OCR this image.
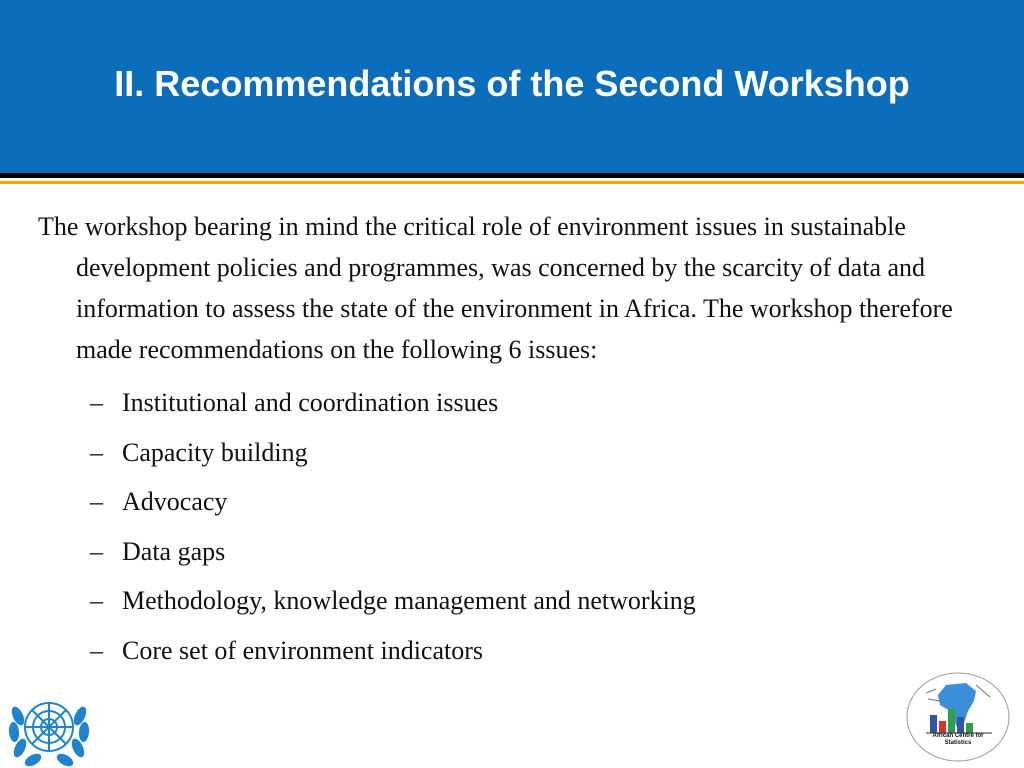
II. Recommendations of the Second Workshop

The workshop bearing in mind the critical role of environment issues in sustainable development policies and programmes, was concerned by the scarcity of data and information to assess the state of the environment in Africa. The workshop therefore made recommendations on the following 6 issues:

– Institutional and coordination issues
– Capacity building
– Advocacy
– Data gaps
– Methodology, knowledge management and networking
– Core set of environment indicators
African Centre for
Statistics
